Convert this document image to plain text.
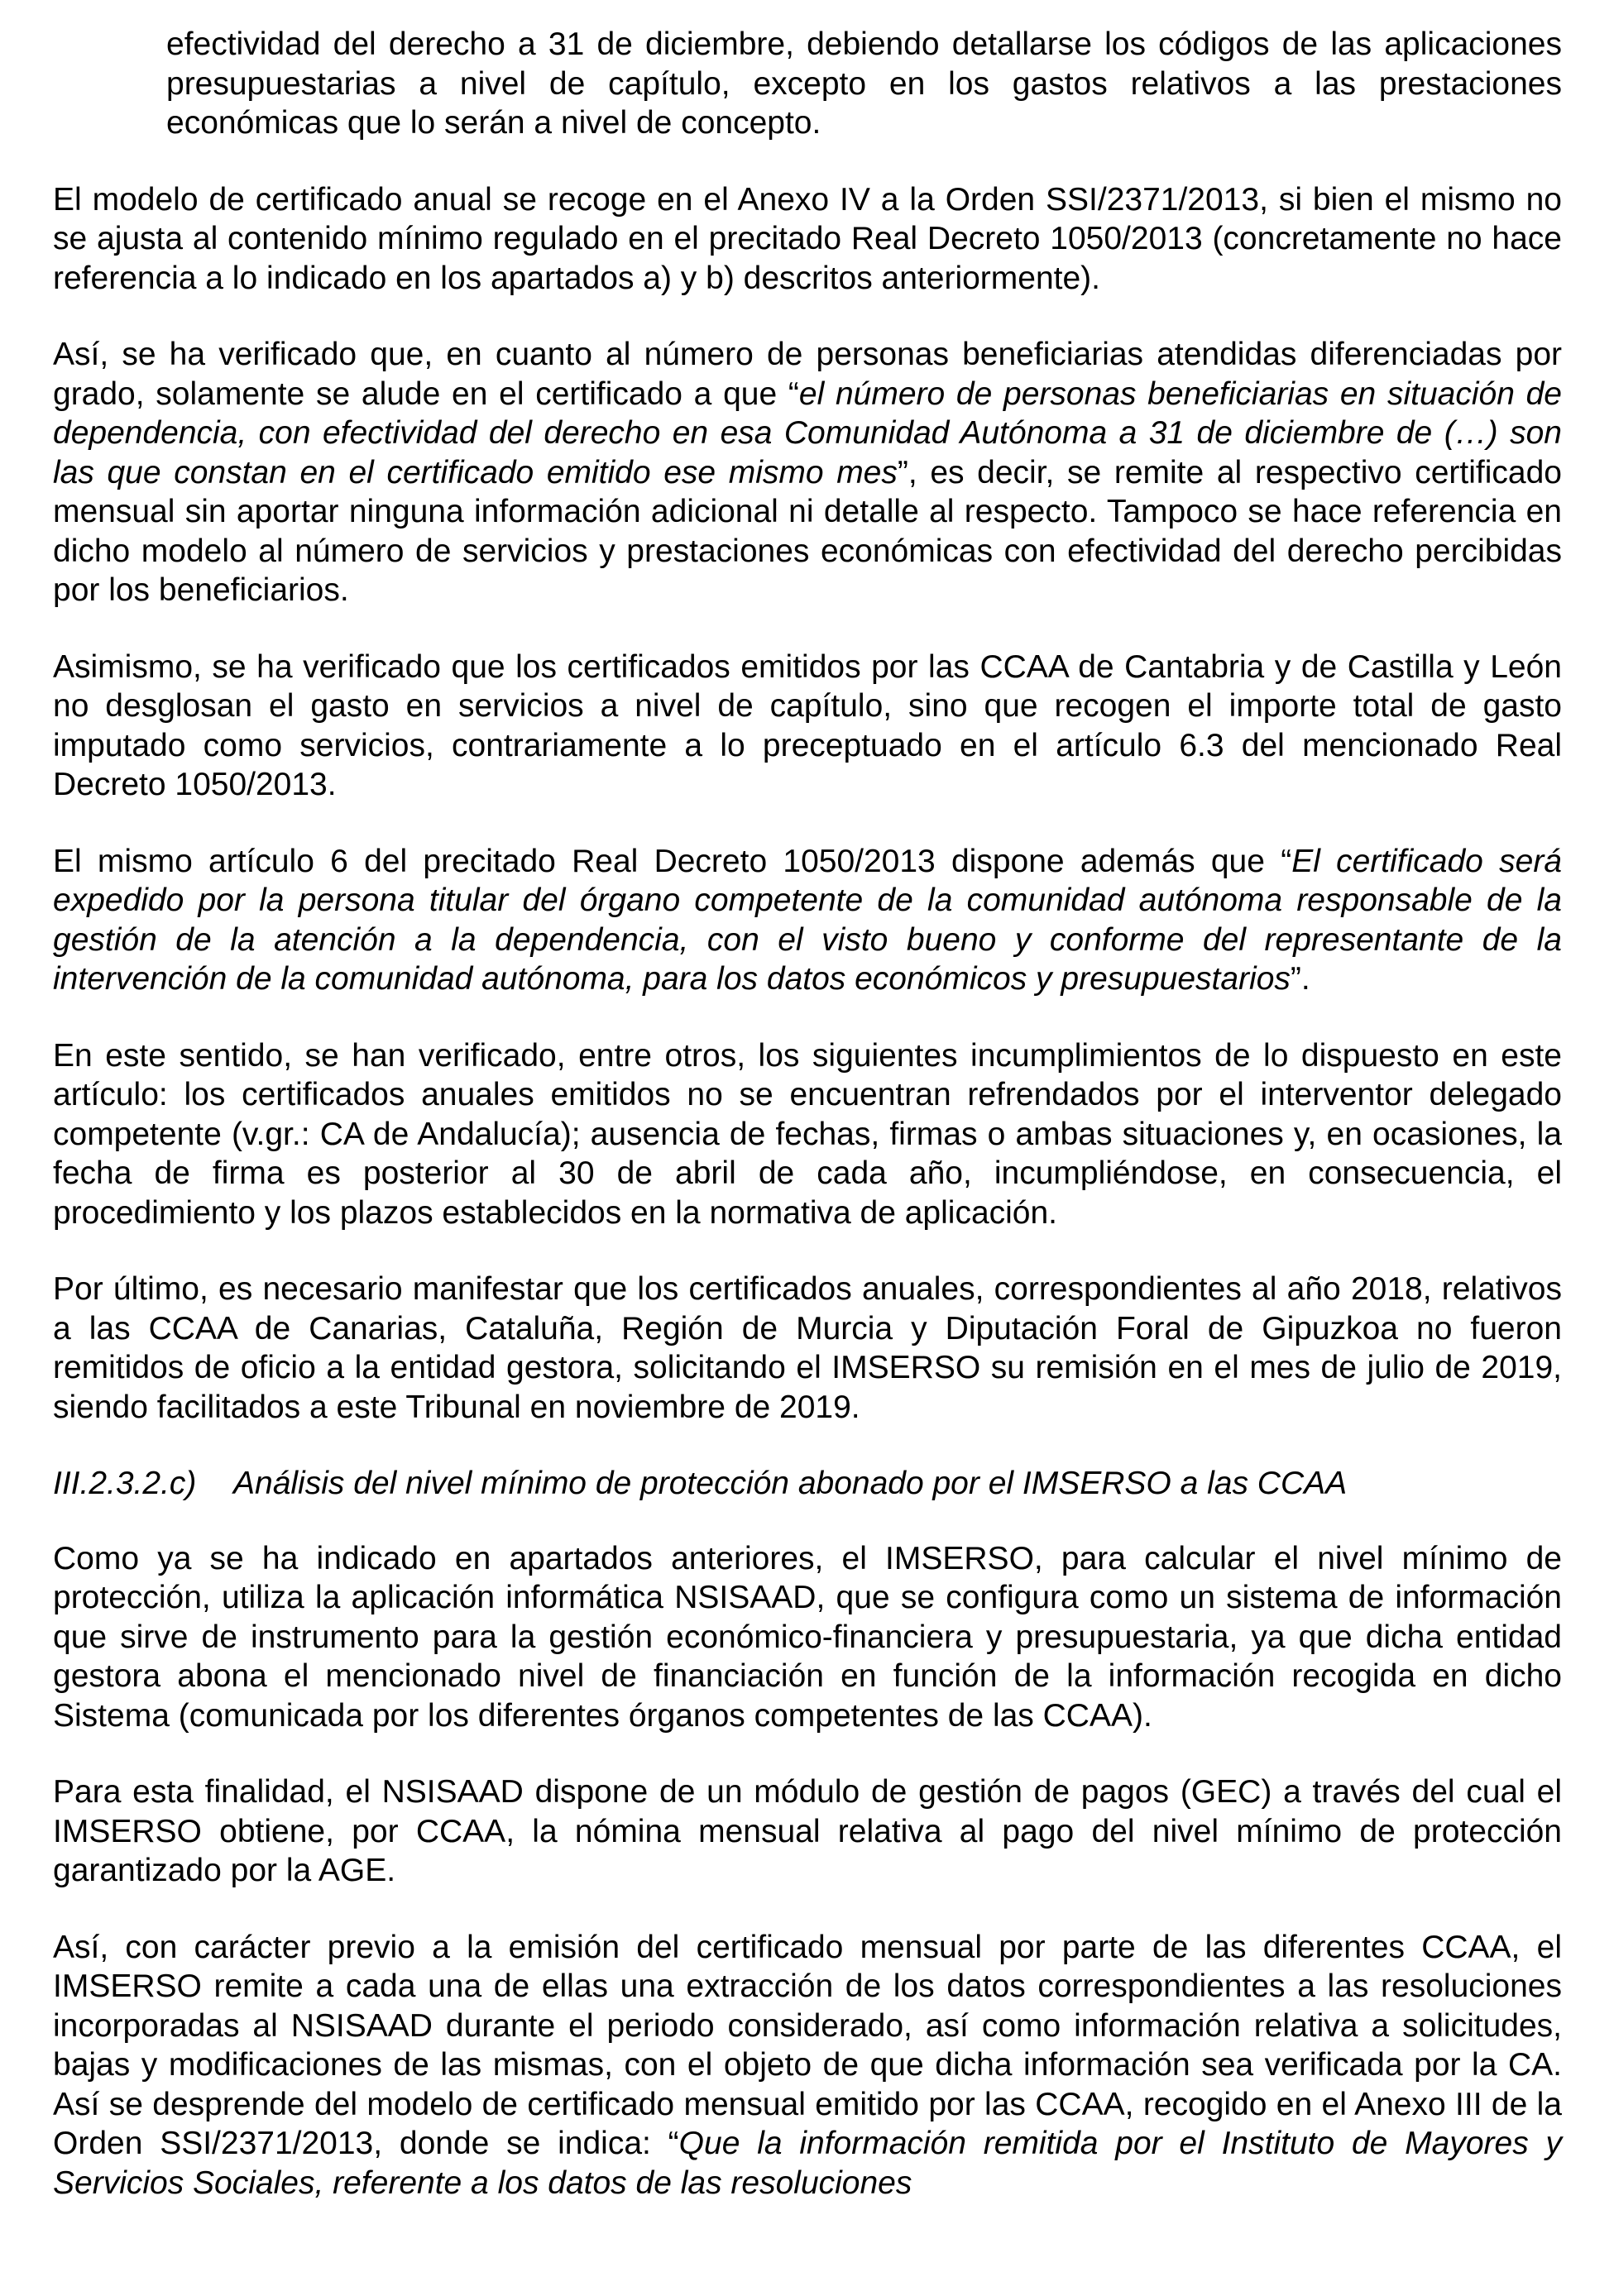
efectividad del derecho a 31 de diciembre, debiendo detallarse los códigos de las aplicaciones presupuestarias a nivel de capítulo, excepto en los gastos relativos a las prestaciones económicas que lo serán a nivel de concepto.

El modelo de certificado anual se recoge en el Anexo IV a la Orden SSI/2371/2013, si bien el mismo no se ajusta al contenido mínimo regulado en el precitado Real Decreto 1050/2013 (concretamente no hace referencia a lo indicado en los apartados a) y b) descritos anteriormente).

Así, se ha verificado que, en cuanto al número de personas beneficiarias atendidas diferenciadas por grado, solamente se alude en el certificado a que “el número de personas beneficiarias en situación de dependencia, con efectividad del derecho en esa Comunidad Autónoma a 31 de diciembre de (…) son las que constan en el certificado emitido ese mismo mes”, es decir, se remite al respectivo certificado mensual sin aportar ninguna información adicional ni detalle al respecto. Tampoco se hace referencia en dicho modelo al número de servicios y prestaciones económicas con efectividad del derecho percibidas por los beneficiarios.

Asimismo, se ha verificado que los certificados emitidos por las CCAA de Cantabria y de Castilla y León no desglosan el gasto en servicios a nivel de capítulo, sino que recogen el importe total de gasto imputado como servicios, contrariamente a lo preceptuado en el artículo 6.3 del mencionado Real Decreto 1050/2013.

El mismo artículo 6 del precitado Real Decreto 1050/2013 dispone además que “El certificado será expedido por la persona titular del órgano competente de la comunidad autónoma responsable de la gestión de la atención a la dependencia, con el visto bueno y conforme del representante de la intervención de la comunidad autónoma, para los datos económicos y presupuestarios”.

En este sentido, se han verificado, entre otros, los siguientes incumplimientos de lo dispuesto en este artículo: los certificados anuales emitidos no se encuentran refrendados por el interventor delegado competente (v.gr.: CA de Andalucía); ausencia de fechas, firmas o ambas situaciones y, en ocasiones, la fecha de firma es posterior al 30 de abril de cada año, incumpliéndose, en consecuencia, el procedimiento y los plazos establecidos en la normativa de aplicación.

Por último, es necesario manifestar que los certificados anuales, correspondientes al año 2018, relativos a las CCAA de Canarias, Cataluña, Región de Murcia y Diputación Foral de Gipuzkoa no fueron remitidos de oficio a la entidad gestora, solicitando el IMSERSO su remisión en el mes de julio de 2019, siendo facilitados a este Tribunal en noviembre de 2019.

III.2.3.2.c) Análisis del nivel mínimo de protección abonado por el IMSERSO a las CCAA

Como ya se ha indicado en apartados anteriores, el IMSERSO, para calcular el nivel mínimo de protección, utiliza la aplicación informática NSISAAD, que se configura como un sistema de información que sirve de instrumento para la gestión económico-financiera y presupuestaria, ya que dicha entidad gestora abona el mencionado nivel de financiación en función de la información recogida en dicho Sistema (comunicada por los diferentes órganos competentes de las CCAA).

Para esta finalidad, el NSISAAD dispone de un módulo de gestión de pagos (GEC) a través del cual el IMSERSO obtiene, por CCAA, la nómina mensual relativa al pago del nivel mínimo de protección garantizado por la AGE.

Así, con carácter previo a la emisión del certificado mensual por parte de las diferentes CCAA, el IMSERSO remite a cada una de ellas una extracción de los datos correspondientes a las resoluciones incorporadas al NSISAAD durante el periodo considerado, así como información relativa a solicitudes, bajas y modificaciones de las mismas, con el objeto de que dicha información sea verificada por la CA. Así se desprende del modelo de certificado mensual emitido por las CCAA, recogido en el Anexo III de la Orden SSI/2371/2013, donde se indica: “Que la información remitida por el Instituto de Mayores y Servicios Sociales, referente a los datos de las resoluciones
